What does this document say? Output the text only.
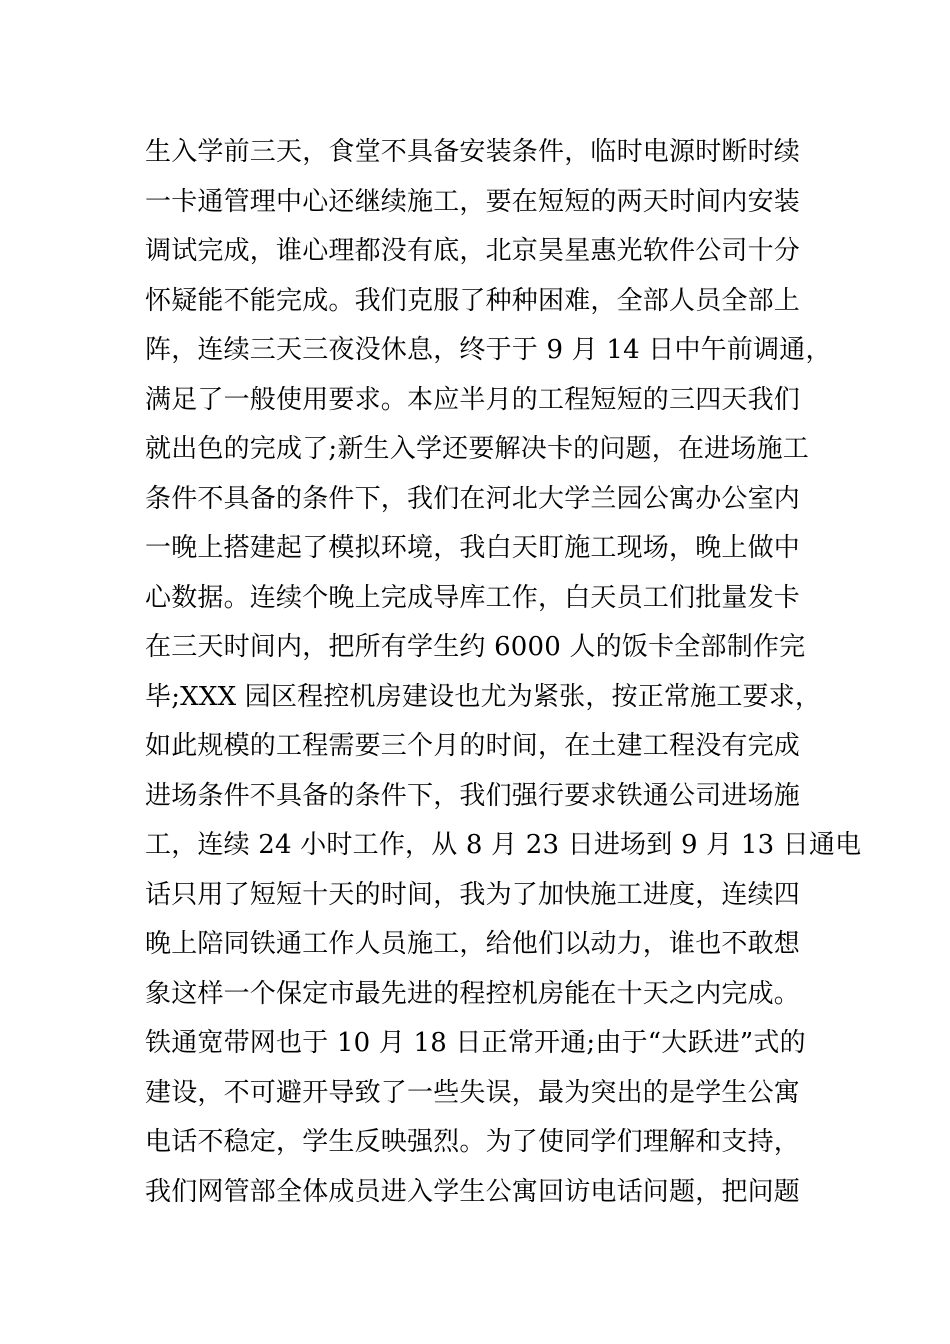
生入学前三天，食堂不具备安装条件，临时电源时断时续
一卡通管理中心还继续施工，要在短短的两天时间内安装
调试完成，谁心理都没有底，北京昊星惠光软件公司十分
怀疑能不能完成。我们克服了种种困难，全部人员全部上
阵，连续三天三夜没休息，终于于 9 月 14 日中午前调通，
满足了一般使用要求。本应半月的工程短短的三四天我们
就出色的完成了;新生入学还要解决卡的问题，在进场施工
条件不具备的条件下，我们在河北大学兰园公寓办公室内
一晚上搭建起了模拟环境，我白天盯施工现场，晚上做中
心数据。连续个晚上完成导库工作，白天员工们批量发卡
在三天时间内，把所有学生约 6000 人的饭卡全部制作完
毕;XXX 园区程控机房建设也尤为紧张，按正常施工要求，
如此规模的工程需要三个月的时间，在土建工程没有完成
进场条件不具备的条件下，我们强行要求铁通公司进场施
工，连续 24 小时工作，从 8 月 23 日进场到 9 月 13 日通电
话只用了短短十天的时间，我为了加快施工进度，连续四
晚上陪同铁通工作人员施工，给他们以动力，谁也不敢想
象这样一个保定市最先进的程控机房能在十天之内完成。
铁通宽带网也于 10 月 18 日正常开通;由于“大跃进”式的
建设，不可避开导致了一些失误，最为突出的是学生公寓
电话不稳定，学生反映强烈。为了使同学们理解和支持，
我们网管部全体成员进入学生公寓回访电话问题，把问题
